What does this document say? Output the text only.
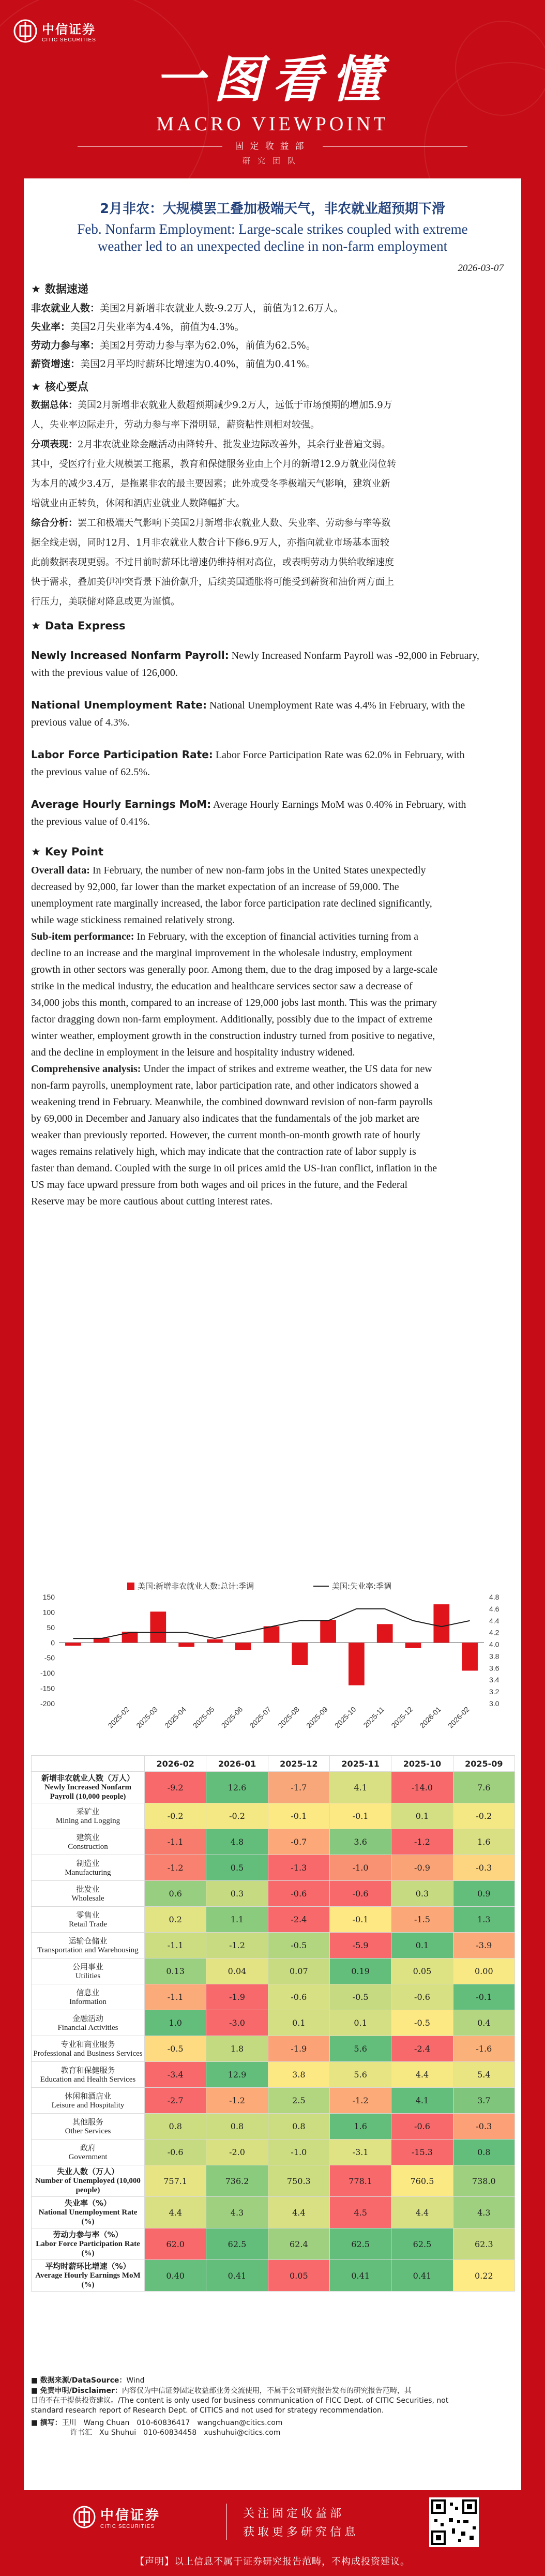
中信证券
CITIC SECURITIES
一图看懂
MACRO VIEWPOINT
固定收益部
研究团队
2月非农：大规模罢工叠加极端天气，非农就业超预期下滑
Feb. Nonfarm Employment: Large-scale strikes coupled with extreme
weather led to an unexpected decline in non-farm employment
2026-03-07
★ 数据速递
非农就业人数：美国2月新增非农就业人数-9.2万人，前值为12.6万人。
失业率：美国2月失业率为4.4%，前值为4.3%。
劳动力参与率：美国2月劳动力参与率为62.0%，前值为62.5%。
薪资增速：美国2月平均时薪环比增速为0.40%，前值为0.41%。
★ 核心要点
数据总体：美国2月新增非农就业人数超预期减少9.2万人，远低于市场预期的增加5.9万
人，失业率边际走升，劳动力参与率下滑明显，薪资粘性则相对较强。
分项表现：2月非农就业除金融活动由降转升、批发业边际改善外，其余行业普遍文弱。
其中，受医疗行业大规模罢工拖累，教育和保健服务业由上个月的新增12.9万就业岗位转
为本月的减少3.4万，是拖累非农的最主要因素；此外或受冬季极端天气影响，建筑业新
增就业由正转负，休闲和酒店业就业人数降幅扩大。
综合分析：罢工和极端天气影响下美国2月新增非农就业人数、失业率、劳动参与率等数
据全线走弱，同时12月、1月非农就业人数合计下修6.9万人，亦指向就业市场基本面较
此前数据表现更弱。不过目前时薪环比增速仍维持相对高位，或表明劳动力供给收缩速度
快于需求，叠加美伊冲突背景下油价飙升，后续美国通胀将可能受到薪资和油价两方面上
行压力，美联储对降息或更为谨慎。
★ Data Express
Newly Increased Nonfarm Payroll: Newly Increased Nonfarm Payroll was -92,000 in February,
with the previous value of 126,000.
National Unemployment Rate: National Unemployment Rate was 4.4% in February, with the
previous value of 4.3%.
Labor Force Participation Rate: Labor Force Participation Rate was 62.0% in February, with
the previous value of 62.5%.
Average Hourly Earnings MoM: Average Hourly Earnings MoM was 0.40% in February, with
the previous value of 0.41%.
★ Key Point
Overall data: In February, the number of new non-farm jobs in the United States unexpectedly
decreased by 92,000, far lower than the market expectation of an increase of 59,000. The
unemployment rate marginally increased, the labor force participation rate declined significantly,
while wage stickiness remained relatively strong.
Sub-item performance: In February, with the exception of financial activities turning from a
decline to an increase and the marginal improvement in the wholesale industry, employment
growth in other sectors was generally poor. Among them, due to the drag imposed by a large-scale
strike in the medical industry, the education and healthcare services sector saw a decrease of
34,000 jobs this month, compared to an increase of 129,000 jobs last month. This was the primary
factor dragging down non-farm employment. Additionally, possibly due to the impact of extreme
winter weather, employment growth in the construction industry turned from positive to negative,
and the decline in employment in the leisure and hospitality industry widened.
Comprehensive analysis: Under the impact of strikes and extreme weather, the US data for new
non-farm payrolls, unemployment rate, labor participation rate, and other indicators showed a
weakening trend in February. Meanwhile, the combined downward revision of non-farm payrolls
by 69,000 in December and January also indicates that the fundamentals of the job market are
weaker than previously reported. However, the current month-on-month growth rate of hourly
wages remains relatively high, which may indicate that the contraction rate of labor supply is
faster than demand. Coupled with the surge in oil prices amid the US-Iran conflict, inflation in the
US may face upward pressure from both wages and oil prices in the future, and the Federal
Reserve may be more cautious about cutting interest rates.
美国:新增非农就业人数:总计:季调	美国:失业率:季调
150
100
50
0
-50
-100
-150
-200
4.8
4.6
4.4
4.2
4.0
3.8
3.6
3.4
3.2
3.0
2025-02 2025-03 2025-04 2025-05 2025-06 2025-07 2025-08 2025-09 2025-10 2025-11 2025-12 2026-01 2026-02
	2026-02	2026-01	2025-12	2025-11	2025-10	2025-09

新增非农就业人数（万人）
Newly Increased Nonfarm Payroll (10,000 people)	-9.2	12.6	-1.7	4.1	-14.0	7.6

采矿业
Mining and Logging	-0.2	-0.2	-0.1	-0.1	0.1	-0.2

建筑业
Construction	-1.1	4.8	-0.7	3.6	-1.2	1.6

制造业
Manufacturing	-1.2	0.5	-1.3	-1.0	-0.9	-0.3

批发业
Wholesale	0.6	0.3	-0.6	-0.6	0.3	0.9

零售业
Retail Trade	0.2	1.1	-2.4	-0.1	-1.5	1.3

运输仓储业
Transportation and Warehousing	-1.1	-1.2	-0.5	-5.9	0.1	-3.9

公用事业
Utilities	0.13	0.04	0.07	0.19	0.05	0.00

信息业
Information	-1.1	-1.9	-0.6	-0.5	-0.6	-0.1

金融活动
Financial Activities	1.0	-3.0	0.1	0.1	-0.5	0.4

专业和商业服务
Professional and Business Services	-0.5	1.8	-1.9	5.6	-2.4	-1.6

教育和保健服务
Education and Health Services	-3.4	12.9	3.8	5.6	4.4	5.4

休闲和酒店业
Leisure and Hospitality	-2.7	-1.2	2.5	-1.2	4.1	3.7

其他服务
Other Services	0.8	0.8	0.8	1.6	-0.6	-0.3

政府
Government	-0.6	-2.0	-1.0	-3.1	-15.3	0.8

失业人数（万人）
Number of Unemployed (10,000 people)	757.1	736.2	750.3	778.1	760.5	738.0

失业率（%）
National Unemployment Rate (%)	4.4	4.3	4.4	4.5	4.4	4.3

劳动力参与率（%）
Labor Force Participation Rate (%)	62.0	62.5	62.4	62.5	62.5	62.3

平均时薪环比增速（%）
Average Hourly Earnings MoM (%)	0.40	0.41	0.05	0.41	0.41	0.22
■ 数据来源/DataSource：Wind
■ 免责申明/Disclaimer：内容仅为中信证券固定收益部业务交流使用，不属于公司研究报告发布的研究报告范畴，其
目的不在于提供投资建议。/The content is only used for business communication of FICC Dept. of CITIC Securities, not
standard research report of Research Dept. of CITICS and not used for strategy recommendation.
■ 撰写：王川　Wang Chuan　010-60836417　wangchuan@citics.com
许书汇　Xu Shuhui　010-60834458　xushuhui@citics.com
中信证券
CITIC SECURITIES
关注固定收益部
获取更多研究信息
【声明】以上信息不属于证券研究报告范畴，不构成投资建议。
